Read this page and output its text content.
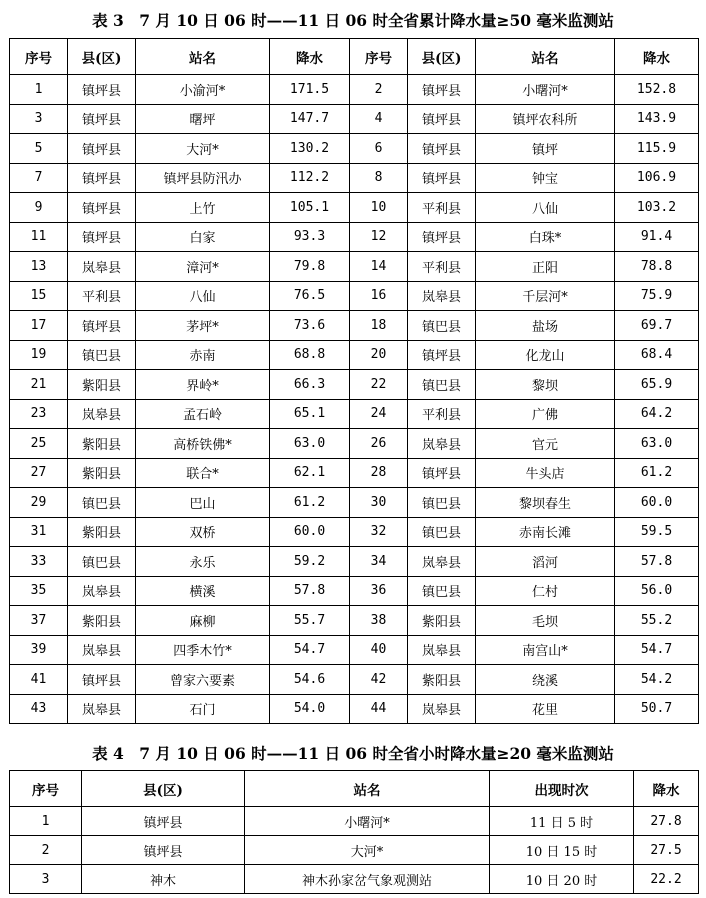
表 3　7 月 10 日 06 时——11 日 06 时全省累计降水量≥50 毫米监测站
序号	县(区)	站名	降水	序号	县(区)	站名	降水
1	镇坪县	小渝河*	171.5	2	镇坪县	小曙河*	152.8
3	镇坪县	曙坪	147.7	4	镇坪县	镇坪农科所	143.9
5	镇坪县	大河*	130.2	6	镇坪县	镇坪	115.9
7	镇坪县	镇坪县防汛办	112.2	8	镇坪县	钟宝	106.9
9	镇坪县	上竹	105.1	10	平利县	八仙	103.2
11	镇坪县	白家	93.3	12	镇坪县	白珠*	91.4
13	岚皋县	漳河*	79.8	14	平利县	正阳	78.8
15	平利县	八仙	76.5	16	岚皋县	千层河*	75.9
17	镇坪县	茅坪*	73.6	18	镇巴县	盐场	69.7
19	镇巴县	赤南	68.8	20	镇坪县	化龙山	68.4
21	紫阳县	界岭*	66.3	22	镇巴县	黎坝	65.9
23	岚皋县	孟石岭	65.1	24	平利县	广佛	64.2
25	紫阳县	高桥铁佛*	63.0	26	岚皋县	官元	63.0
27	紫阳县	联合*	62.1	28	镇坪县	牛头店	61.2
29	镇巴县	巴山	61.2	30	镇巴县	黎坝春生	60.0
31	紫阳县	双桥	60.0	32	镇巴县	赤南长滩	59.5
33	镇巴县	永乐	59.2	34	岚皋县	滔河	57.8
35	岚皋县	横溪	57.8	36	镇巴县	仁村	56.0
37	紫阳县	麻柳	55.7	38	紫阳县	毛坝	55.2
39	岚皋县	四季木竹*	54.7	40	岚皋县	南宫山*	54.7
41	镇坪县	曾家六要素	54.6	42	紫阳县	绕溪	54.2
43	岚皋县	石门	54.0	44	岚皋县	花里	50.7
表 4　7 月 10 日 06 时——11 日 06 时全省小时降水量≥20 毫米监测站
序号	县(区)	站名	出现时次	降水
1	镇坪县	小曙河*	11 日 5 时	27.8
2	镇坪县	大河*	10 日 15 时	27.5
3	神木	神木孙家岔气象观测站	10 日 20 时	22.2
